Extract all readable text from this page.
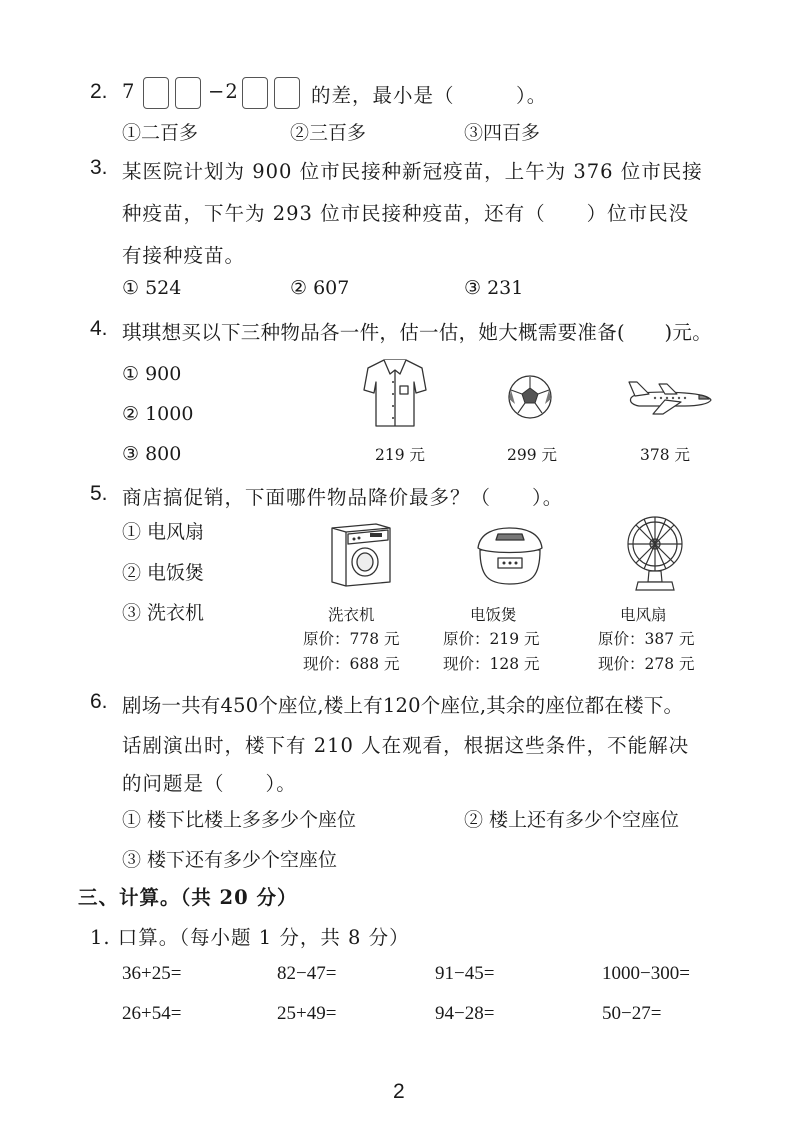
2. 7	−2	的差，最小是（　　　）。
①二百多	②三百多	③四百多
3. 某医院计划为 900 位市民接种新冠疫苗，上午为 376 位市民接
种疫苗，下午为 293 位市民接种疫苗，还有（　　）位市民没
有接种疫苗。
① 524	② 607	③ 231
4. 琪琪想买以下三种物品各一件，估一估，她大概需要准备(　　)元。
① 900
② 1000
③ 800	219 元	299 元	378 元
5. 商店搞促销，下面哪件物品降价最多？（　　）。
① 电风扇
② 电饭煲
③ 洗衣机	洗衣机
原价：778 元
现价：688 元
电饭煲
原价：219 元
现价：128 元
电风扇
原价：387 元
现价：278 元
6. 剧场一共有450个座位,楼上有120个座位,其余的座位都在楼下。
话剧演出时，楼下有 210 人在观看，根据这些条件，不能解决
的问题是（　　）。
① 楼下比楼上多多少个座位	② 楼上还有多少个空座位
③ 楼下还有多少个空座位
三、计算。（共 20 分）
1. 口算。（每小题 1 分，共 8 分）
36+25=	82−47=	91−45=	1000−300=
26+54=	25+49=	94−28=	50−27=
2
